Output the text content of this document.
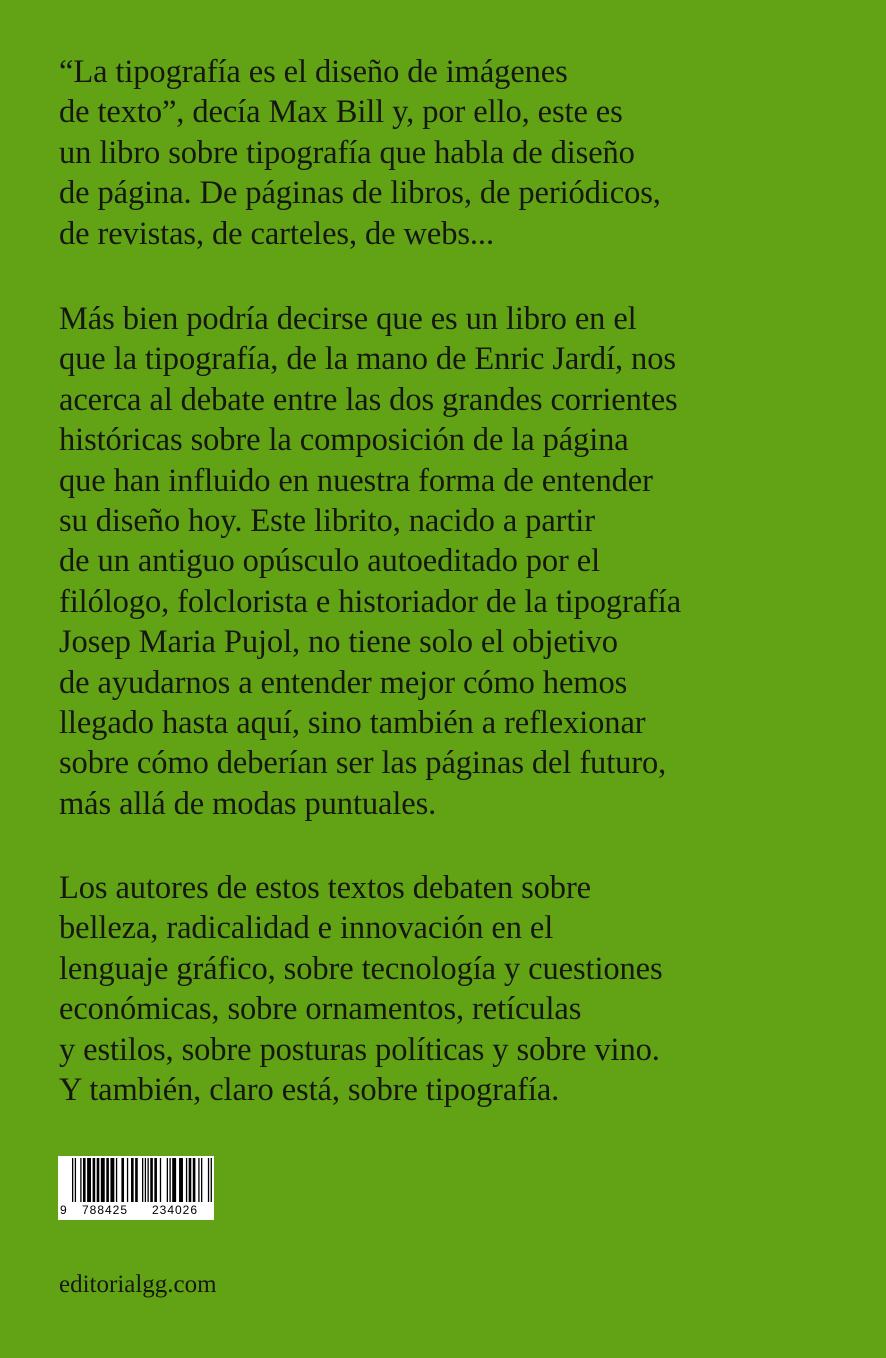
“La tipografía es el diseño de imágenes
de texto”, decía Max Bill y, por ello, este es
un libro sobre tipografía que habla de diseño
de página. De páginas de libros, de periódicos,
de revistas, de carteles, de webs...

Más bien podría decirse que es un libro en el
que la tipografía, de la mano de Enric Jardí, nos
acerca al debate entre las dos grandes corrientes
históricas sobre la composición de la página
que han influido en nuestra forma de entender
su diseño hoy. Este librito, nacido a partir
de un antiguo opúsculo autoeditado por el
filólogo, folclorista e historiador de la tipografía
Josep Maria Pujol, no tiene solo el objetivo
de ayudarnos a entender mejor cómo hemos
llegado hasta aquí, sino también a reflexionar
sobre cómo deberían ser las páginas del futuro,
más allá de modas puntuales.

Los autores de estos textos debaten sobre
belleza, radicalidad e innovación en el
lenguaje gráfico, sobre tecnología y cuestiones
económicas, sobre ornamentos, retículas
y estilos, sobre posturas políticas y sobre vino.
Y también, claro está, sobre tipografía.

9	788425	234026
editorialgg.com
